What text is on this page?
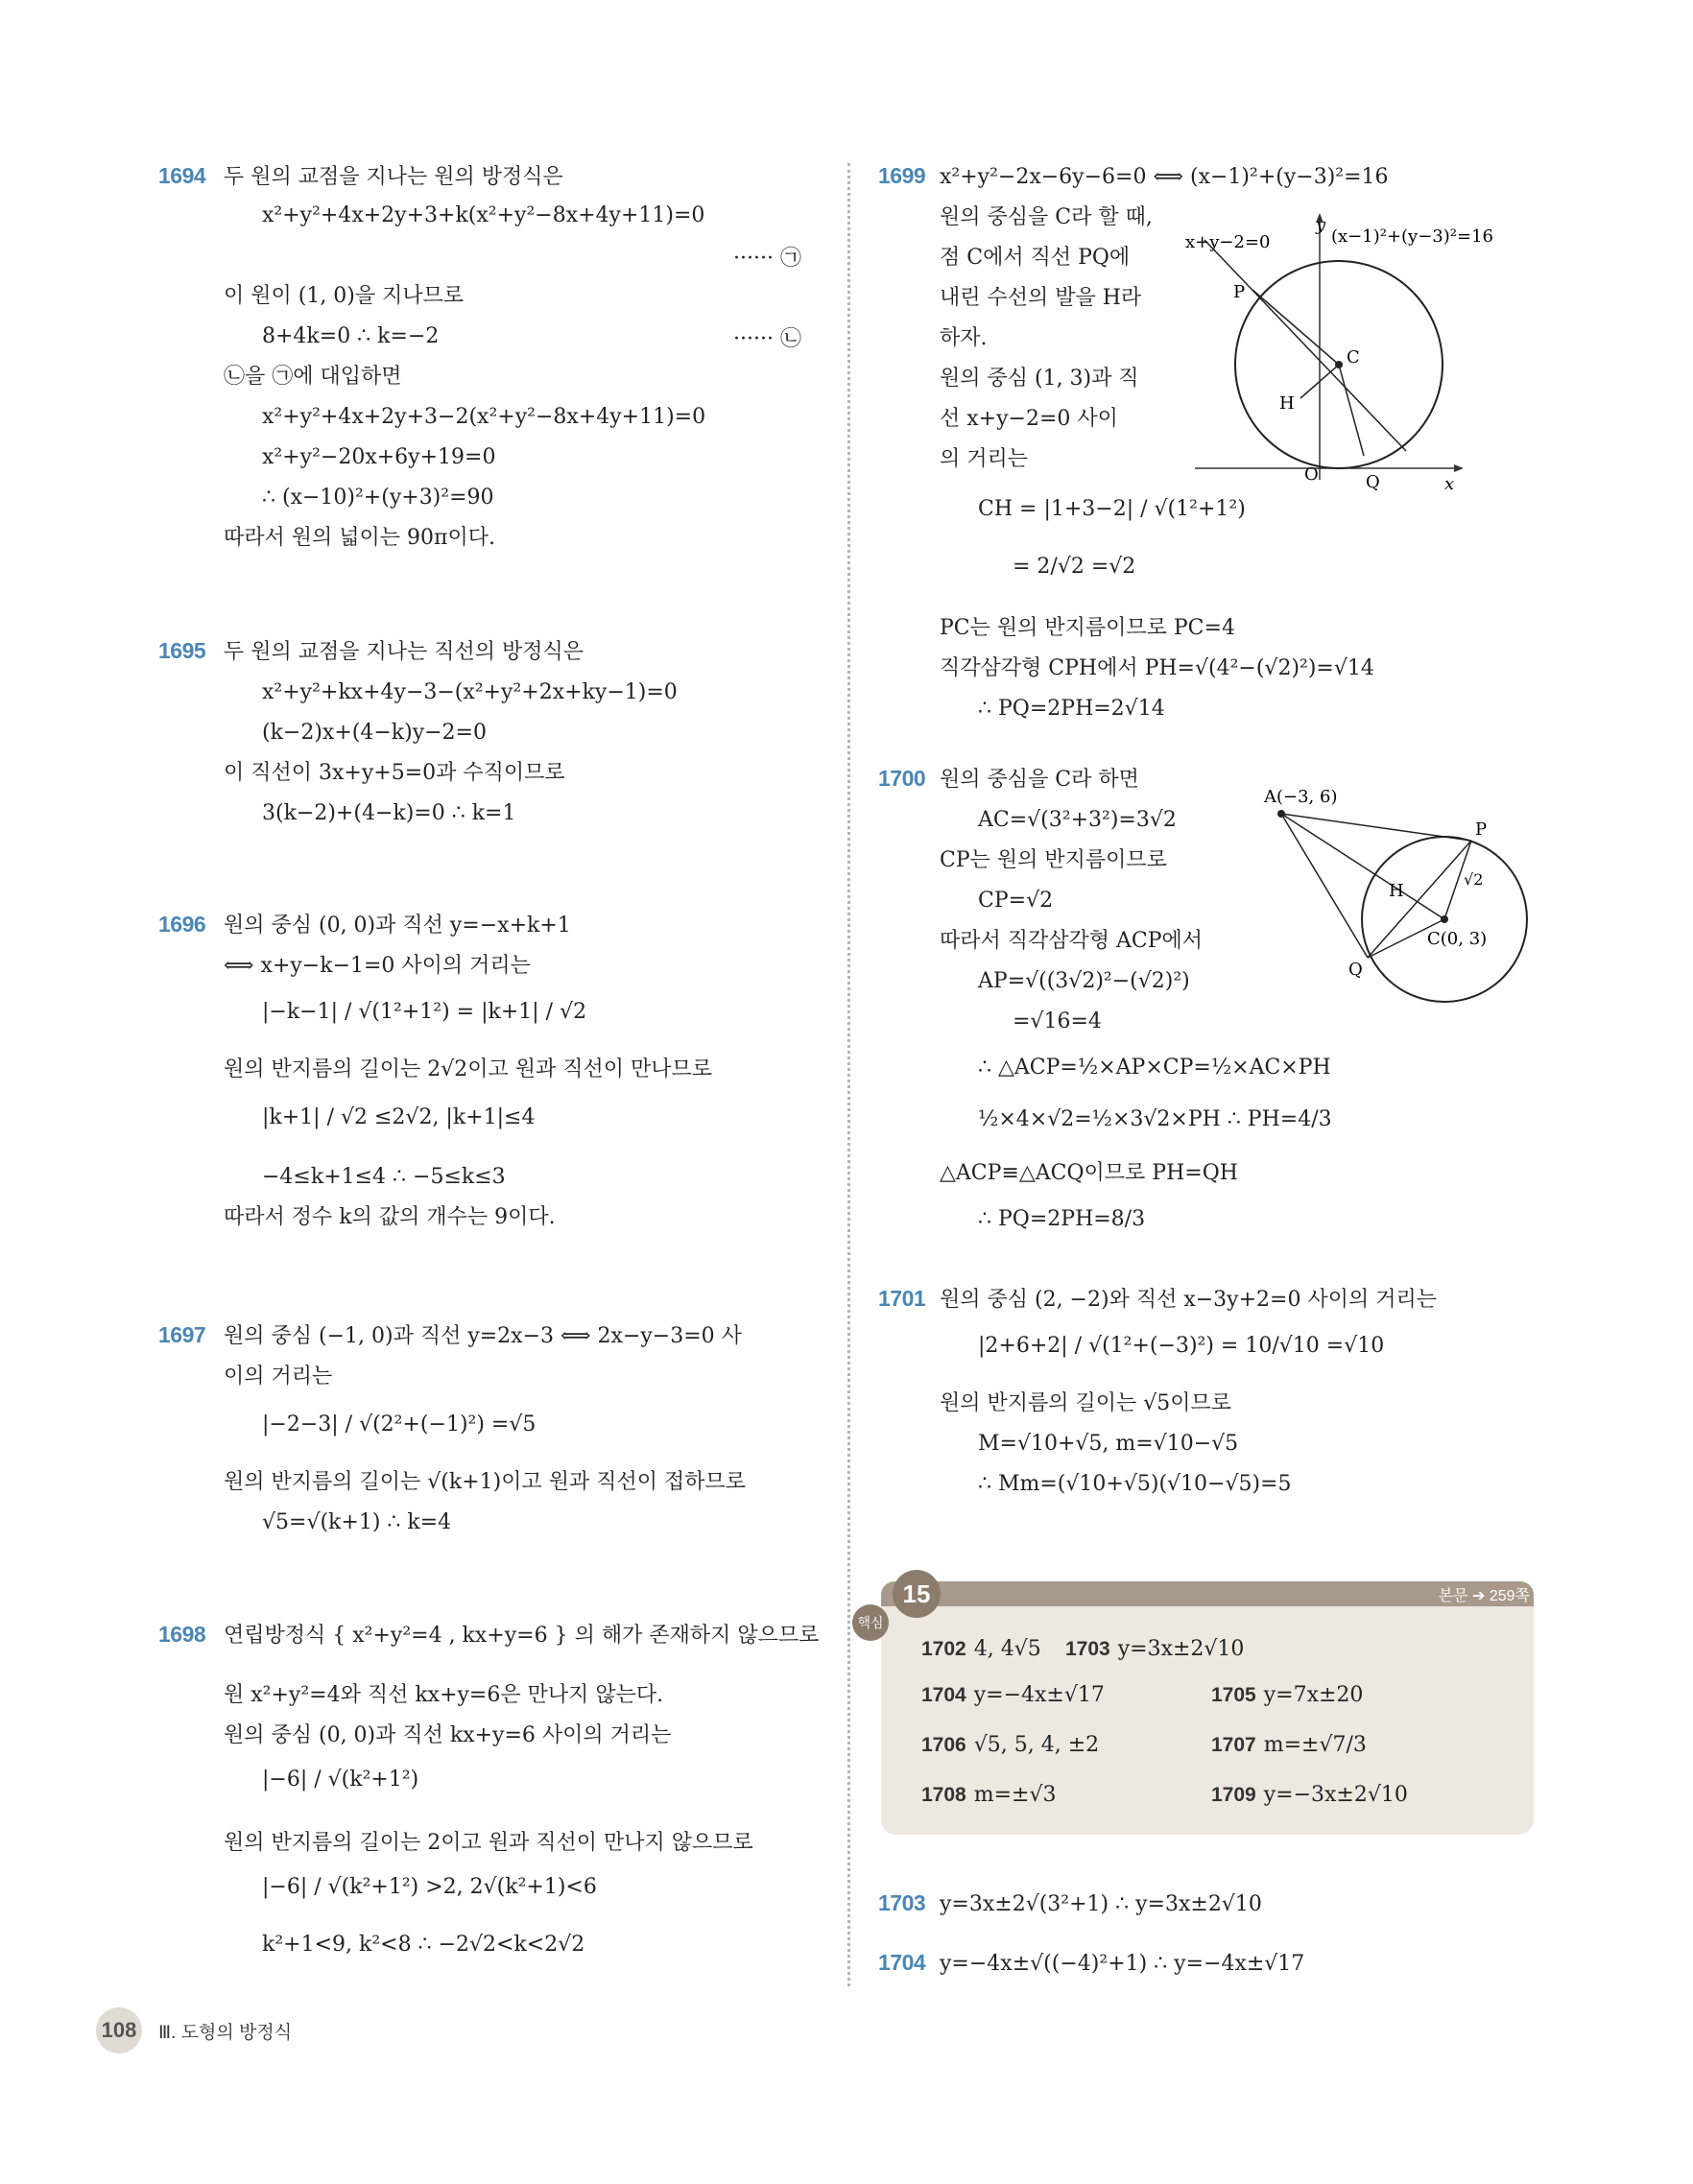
1694 두 원의 교점을 지나는 원의 방정식은
x²+y²+4x+2y+3+k(x²+y²−8x+4y+11)=0
······ ㉠
이 원이 (1, 0)을 지나므로
8+4k=0 ∴ k=−2	······ ㉡
㉡을 ㉠에 대입하면
x²+y²+4x+2y+3−2(x²+y²−8x+4y+11)=0
x²+y²−20x+6y+19=0
∴ (x−10)²+(y+3)²=90
따라서 원의 넓이는 90π이다.
1695 두 원의 교점을 지나는 직선의 방정식은
x²+y²+kx+4y−3−(x²+y²+2x+ky−1)=0
(k−2)x+(4−k)y−2=0
이 직선이 3x+y+5=0과 수직이므로
3(k−2)+(4−k)=0 ∴ k=1
1696 원의 중심 (0, 0)과 직선 y=−x+k+1
⟺ x+y−k−1=0 사이의 거리는
|−k−1| / √(1²+1²) = |k+1| / √2
원의 반지름의 길이는 2√2이고 원과 직선이 만나므로
|k+1| / √2 ≤2√2, |k+1|≤4
−4≤k+1≤4 ∴ −5≤k≤3
따라서 정수 k의 값의 개수는 9이다.
1697 원의 중심 (−1, 0)과 직선 y=2x−3 ⟺ 2x−y−3=0 사
이의 거리는
|−2−3| / √(2²+(−1)²) =√5
원의 반지름의 길이는 √(k+1)이고 원과 직선이 접하므로
√5=√(k+1) ∴ k=4
1698 연립방정식 { x²+y²=4 , kx+y=6 } 의 해가 존재하지 않으므로
원 x²+y²=4와 직선 kx+y=6은 만나지 않는다.
원의 중심 (0, 0)과 직선 kx+y=6 사이의 거리는
|−6| / √(k²+1²)
원의 반지름의 길이는 2이고 원과 직선이 만나지 않으므로
|−6| / √(k²+1²) >2, 2√(k²+1)<6
k²+1<9, k²<8 ∴ −2√2<k<2√2
1699 x²+y²−2x−6y−6=0 ⟺ (x−1)²+(y−3)²=16
원의 중심을 C라 할 때,
점 C에서 직선 PQ에
내린 수선의 발을 H라
하자.
원의 중심 (1, 3)과 직
선 x+y−2=0 사이
의 거리는
CH = |1+3−2| / √(1²+1²)
= 2/√2 =√2
PC는 원의 반지름이므로 PC=4
직각삼각형 CPH에서 PH=√(4²−(√2)²)=√14
∴ PQ=2PH=2√14
y
x
x+y−2=0	(x−1)²+(y−3)²=16
P
C
H
O	Q
1700 원의 중심을 C라 하면
AC=√(3²+3²)=3√2
CP는 원의 반지름이므로
CP=√2
따라서 직각삼각형 ACP에서
AP=√((3√2)²−(√2)²)
=√16=4
∴ △ACP=½×AP×CP=½×AC×PH
½×4×√2=½×3√2×PH ∴ PH=4/3
△ACP≡△ACQ이므로 PH=QH
∴ PQ=2PH=8/3
A(−3, 6)
P
H
C(0, 3)
Q
√2
1701 원의 중심 (2, −2)와 직선 x−3y+2=0 사이의 거리는
|2+6+2| / √(1²+(−3)²) = 10/√10 =√10
원의 반지름의 길이는 √5이므로
M=√10+√5, m=√10−√5
∴ Mm=(√10+√5)(√10−√5)=5
1703 y=3x±2√(3²+1) ∴ y=3x±2√10
1704 y=−4x±√((−4)²+1) ∴ y=−4x±√17
15
핵심
본문 ➔ 259쪽
1702 4, 4√5 1703 y=3x±2√10
1704 y=−4x±√17	1705 y=7x±20
1706 √5, 5, 4, ±2	1707 m=±√7/3
1708 m=±√3	1709 y=−3x±2√10
108 Ⅲ. 도형의 방정식
